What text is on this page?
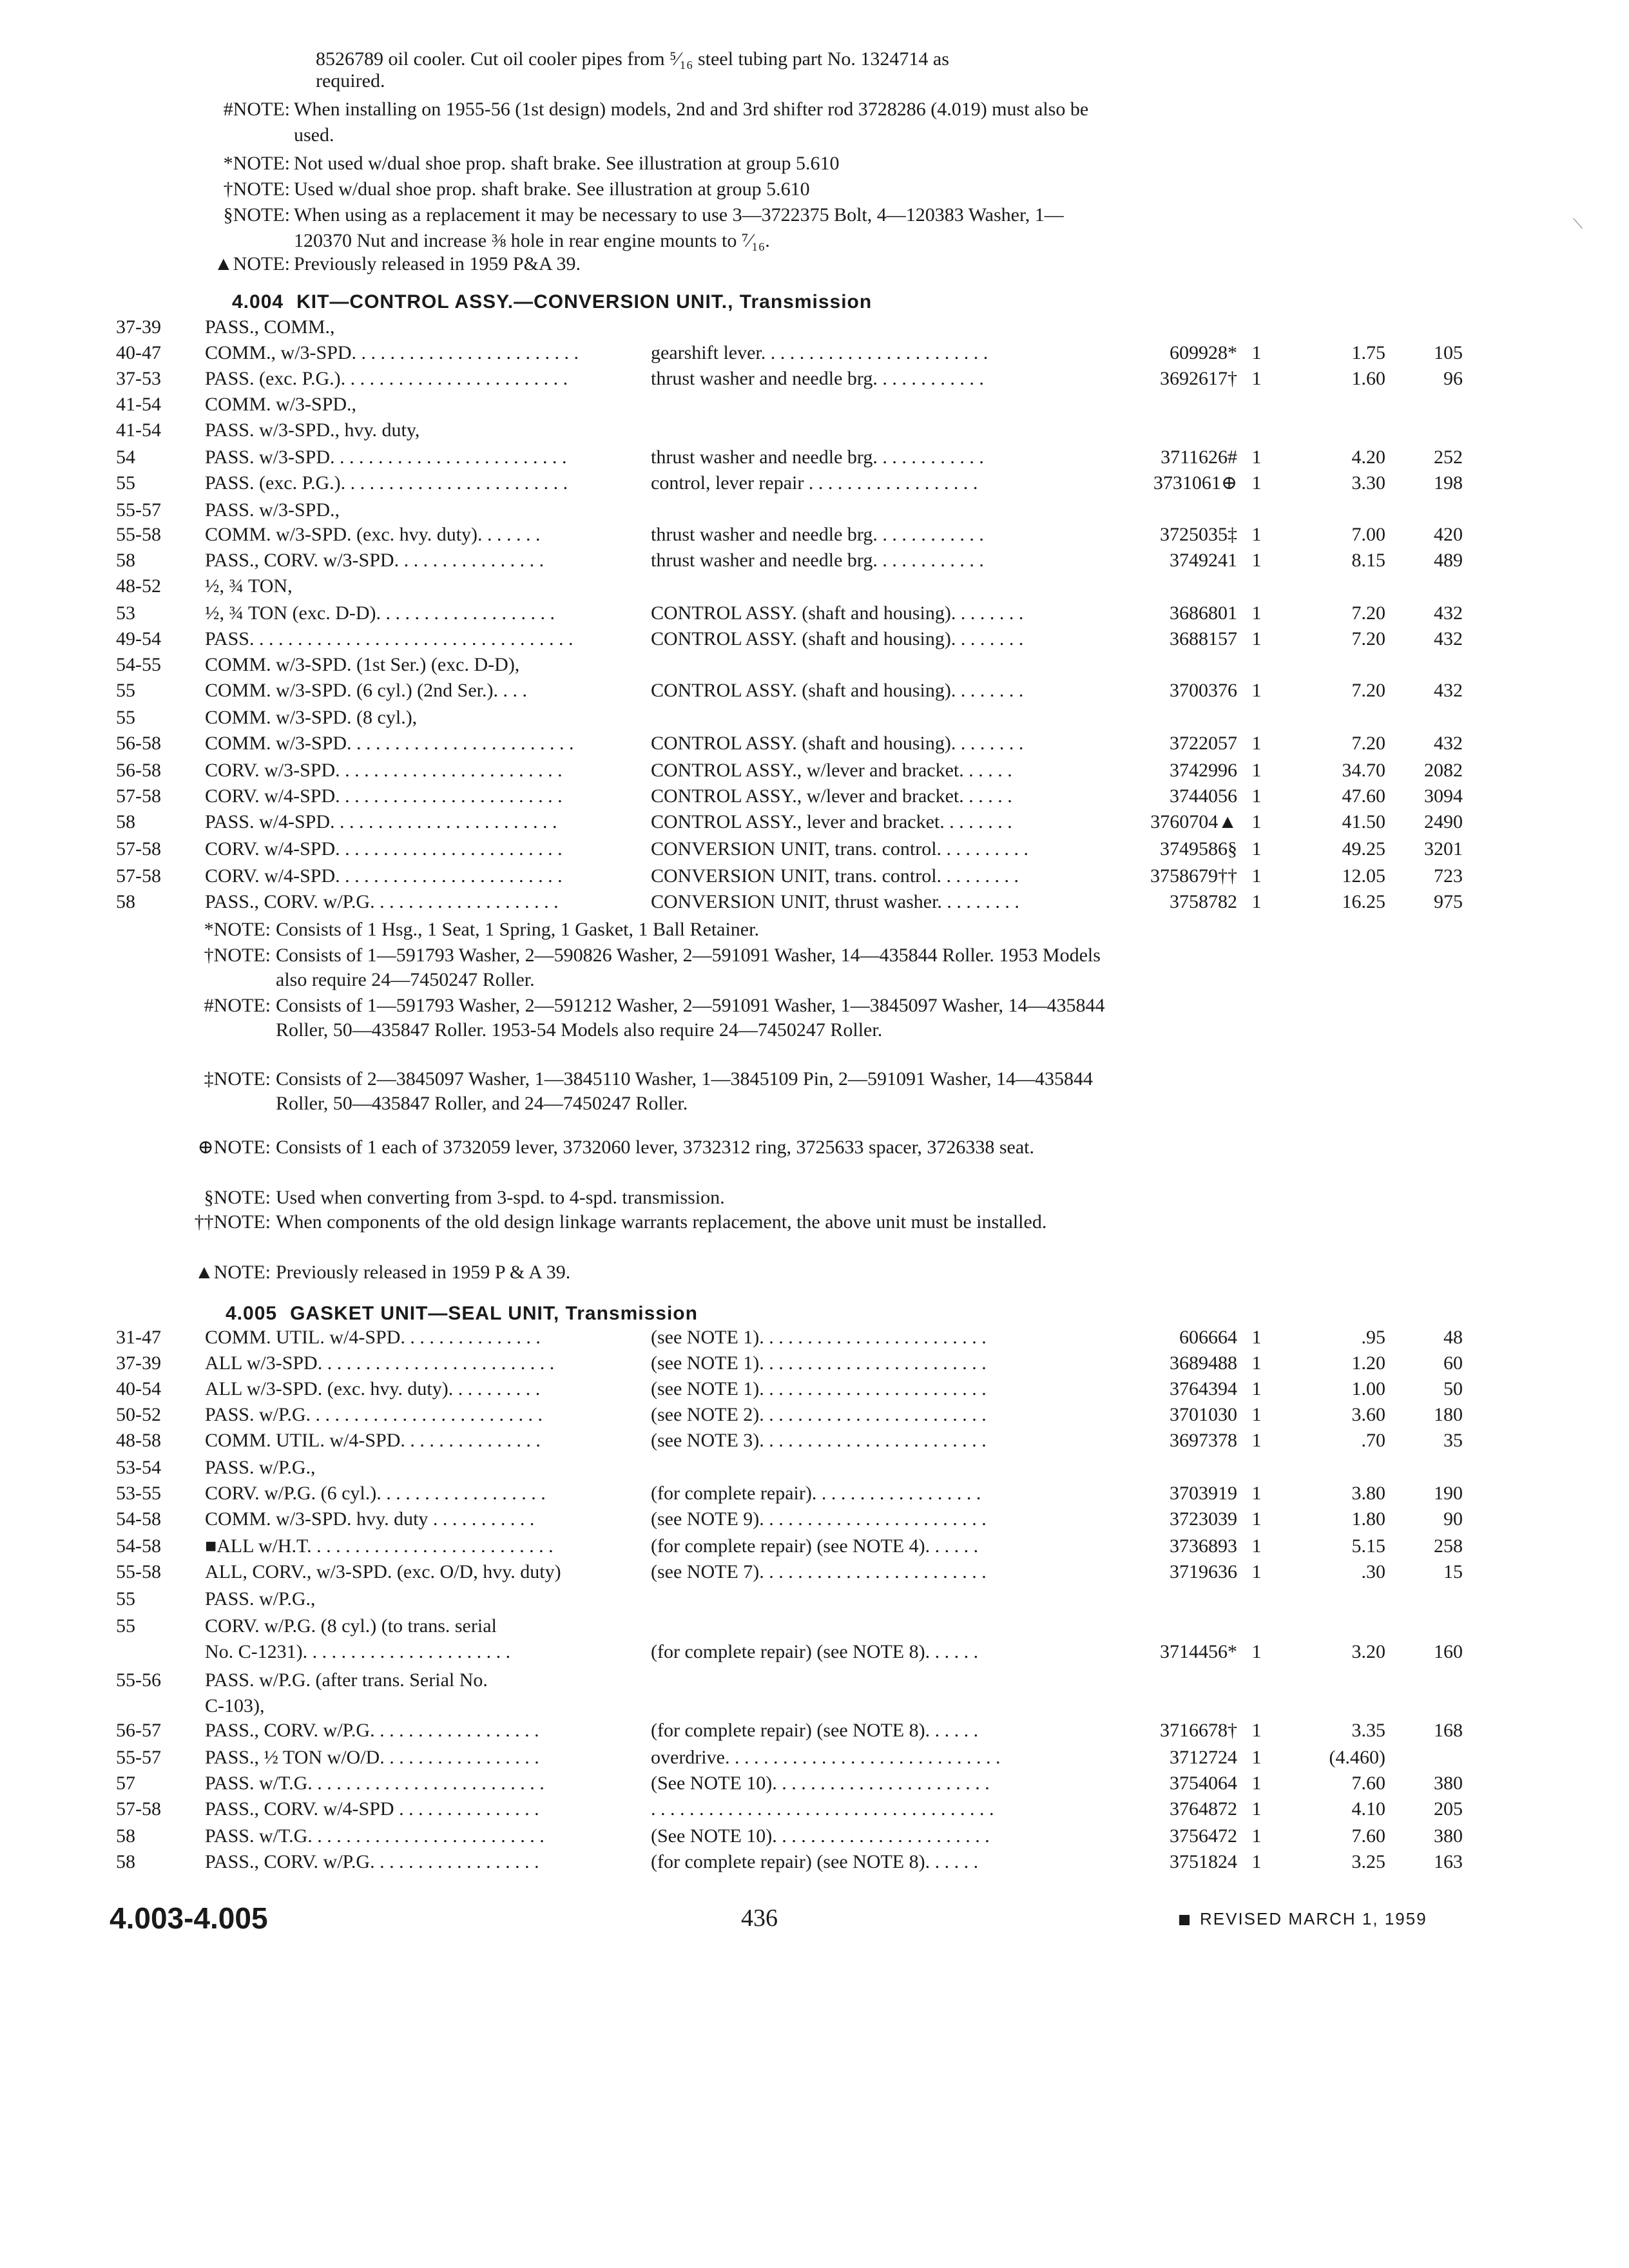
8526789 oil cooler. Cut oil cooler pipes from ⁵⁄₁₆ steel tubing part No. 1324714 as
required.
#NOTE: When installing on 1955-56 (1st design) models, 2nd and 3rd shifter rod 3728286 (4.019) must also be used.
*NOTE: Not used w/dual shoe prop. shaft brake. See illustration at group 5.610
†NOTE: Used w/dual shoe prop. shaft brake. See illustration at group 5.610
§NOTE: When using as a replacement it may be necessary to use 3—3722375 Bolt, 4—120383 Washer, 1—120370 Nut and increase ⅜ hole in rear engine mounts to ⁷⁄₁₆.
▲NOTE: Previously released in 1959 P&A 39.
/
4.004 KIT—CONTROL ASSY.—CONVERSION UNIT., Transmission
37-39	PASS., COMM.,
40-47	COMM., w/3-SPD. . . . . . . . . . . . . . . . . . . . . . . .	gearshift lever. . . . . . . . . . . . . . . . . . . . . . . .	609928* 1	1.75	105
37-53	PASS. (exc. P.G.). . . . . . . . . . . . . . . . . . . . . . . .	thrust washer and needle brg. . . . . . . . . . . .	3692617† 1	1.60	96
41-54	COMM. w/3-SPD.,
41-54	PASS. w/3-SPD., hvy. duty,
54	PASS. w/3-SPD. . . . . . . . . . . . . . . . . . . . . . . . .	thrust washer and needle brg. . . . . . . . . . . .	3711626# 1	4.20	252
55	PASS. (exc. P.G.). . . . . . . . . . . . . . . . . . . . . . . .	control, lever repair . . . . . . . . . . . . . . . . . .	3731061⊕ 1	3.30	198
55-57	PASS. w/3-SPD.,
55-58	COMM. w/3-SPD. (exc. hvy. duty). . . . . . .	thrust washer and needle brg. . . . . . . . . . . .	3725035‡ 1	7.00	420
58	PASS., CORV. w/3-SPD. . . . . . . . . . . . . . . .	thrust washer and needle brg. . . . . . . . . . . .	3749241 1	8.15	489
48-52	½, ¾ TON,
53	½, ¾ TON (exc. D-D). . . . . . . . . . . . . . . . . . .	CONTROL ASSY. (shaft and housing). . . . . . . .	3686801 1	7.20	432
49-54	PASS. . . . . . . . . . . . . . . . . . . . . . . . . . . . . . . . . .	CONTROL ASSY. (shaft and housing). . . . . . . .	3688157 1	7.20	432
54-55	COMM. w/3-SPD. (1st Ser.) (exc. D-D),
55	COMM. w/3-SPD. (6 cyl.) (2nd Ser.). . . .	CONTROL ASSY. (shaft and housing). . . . . . . .	3700376 1	7.20	432
55	COMM. w/3-SPD. (8 cyl.),
56-58	COMM. w/3-SPD. . . . . . . . . . . . . . . . . . . . . . . .	CONTROL ASSY. (shaft and housing). . . . . . . .	3722057 1	7.20	432
56-58	CORV. w/3-SPD. . . . . . . . . . . . . . . . . . . . . . . .	CONTROL ASSY., w/lever and bracket. . . . . .	3742996 1	34.70	2082
57-58	CORV. w/4-SPD. . . . . . . . . . . . . . . . . . . . . . . .	CONTROL ASSY., w/lever and bracket. . . . . .	3744056 1	47.60	3094
58	PASS. w/4-SPD. . . . . . . . . . . . . . . . . . . . . . . .	CONTROL ASSY., lever and bracket. . . . . . . .	3760704▲ 1	41.50	2490
57-58	CORV. w/4-SPD. . . . . . . . . . . . . . . . . . . . . . . .	CONVERSION UNIT, trans. control. . . . . . . . . .	3749586§ 1	49.25	3201
57-58	CORV. w/4-SPD. . . . . . . . . . . . . . . . . . . . . . . .	CONVERSION UNIT, trans. control. . . . . . . . .	3758679†† 1	12.05	723
58	PASS., CORV. w/P.G. . . . . . . . . . . . . . . . . . . .	CONVERSION UNIT, thrust washer. . . . . . . . .	3758782 1	16.25	975
*NOTE: Consists of 1 Hsg., 1 Seat, 1 Spring, 1 Gasket, 1 Ball Retainer.
†NOTE: Consists of 1—591793 Washer, 2—590826 Washer, 2—591091 Washer, 14—435844 Roller. 1953 Models also require 24—7450247 Roller.
#NOTE: Consists of 1—591793 Washer, 2—591212 Washer, 2—591091 Washer, 1—3845097 Washer, 14—435844 Roller, 50—435847 Roller. 1953-54 Models also require 24—7450247 Roller.
‡NOTE: Consists of 2—3845097 Washer, 1—3845110 Washer, 1—3845109 Pin, 2—591091 Washer, 14—435844 Roller, 50—435847 Roller, and 24—7450247 Roller.
⊕NOTE: Consists of 1 each of 3732059 lever, 3732060 lever, 3732312 ring, 3725633 spacer, 3726338 seat.
§NOTE: Used when converting from 3-spd. to 4-spd. transmission.
††NOTE: When components of the old design linkage warrants replacement, the above unit must be installed.
▲NOTE: Previously released in 1959 P & A 39.
4.005 GASKET UNIT—SEAL UNIT, Transmission
31-47	COMM. UTIL. w/4-SPD. . . . . . . . . . . . . . .	(see NOTE 1). . . . . . . . . . . . . . . . . . . . . . . .	606664 1	.95	48
37-39	ALL w/3-SPD. . . . . . . . . . . . . . . . . . . . . . . . .	(see NOTE 1). . . . . . . . . . . . . . . . . . . . . . . .	3689488 1	1.20	60
40-54	ALL w/3-SPD. (exc. hvy. duty). . . . . . . . . .	(see NOTE 1). . . . . . . . . . . . . . . . . . . . . . . .	3764394 1	1.00	50
50-52	PASS. w/P.G. . . . . . . . . . . . . . . . . . . . . . . . .	(see NOTE 2). . . . . . . . . . . . . . . . . . . . . . . .	3701030 1	3.60	180
48-58	COMM. UTIL. w/4-SPD. . . . . . . . . . . . . . .	(see NOTE 3). . . . . . . . . . . . . . . . . . . . . . . .	3697378 1	.70	35
53-54	PASS. w/P.G.,
53-55	CORV. w/P.G. (6 cyl.). . . . . . . . . . . . . . . . . .	(for complete repair). . . . . . . . . . . . . . . . . .	3703919 1	3.80	190
54-58	COMM. w/3-SPD. hvy. duty . . . . . . . . . . .	(see NOTE 9). . . . . . . . . . . . . . . . . . . . . . . .	3723039 1	1.80	90
54-58	■ALL w/H.T. . . . . . . . . . . . . . . . . . . . . . . . . .	(for complete repair) (see NOTE 4). . . . . .	3736893 1	5.15	258
55-58	ALL, CORV., w/3-SPD. (exc. O/D, hvy. duty)	(see NOTE 7). . . . . . . . . . . . . . . . . . . . . . . .	3719636 1	.30	15
55	PASS. w/P.G.,
55	CORV. w/P.G. (8 cyl.) (to trans. serial
No. C-1231). . . . . . . . . . . . . . . . . . . . . .	(for complete repair) (see NOTE 8). . . . . .	3714456* 1	3.20	160
55-56	PASS. w/P.G. (after trans. Serial No.
C-103),
56-57	PASS., CORV. w/P.G. . . . . . . . . . . . . . . . . .	(for complete repair) (see NOTE 8). . . . . .	3716678† 1	3.35	168
55-57	PASS., ½ TON w/O/D. . . . . . . . . . . . . . . . .	overdrive. . . . . . . . . . . . . . . . . . . . . . . . . . . . .	3712724 1	(4.460)
57	PASS. w/T.G. . . . . . . . . . . . . . . . . . . . . . . . .	(See NOTE 10). . . . . . . . . . . . . . . . . . . . . . .	3754064 1	7.60	380
57-58	PASS., CORV. w/4-SPD . . . . . . . . . . . . . . .	. . . . . . . . . . . . . . . . . . . . . . . . . . . . . . . . . . . .	3764872 1	4.10	205
58	PASS. w/T.G. . . . . . . . . . . . . . . . . . . . . . . . .	(See NOTE 10). . . . . . . . . . . . . . . . . . . . . . .	3756472 1	7.60	380
58	PASS., CORV. w/P.G. . . . . . . . . . . . . . . . . .	(for complete repair) (see NOTE 8). . . . . .	3751824 1	3.25	163
4.003-4.005	436	REVISED MARCH 1, 1959
